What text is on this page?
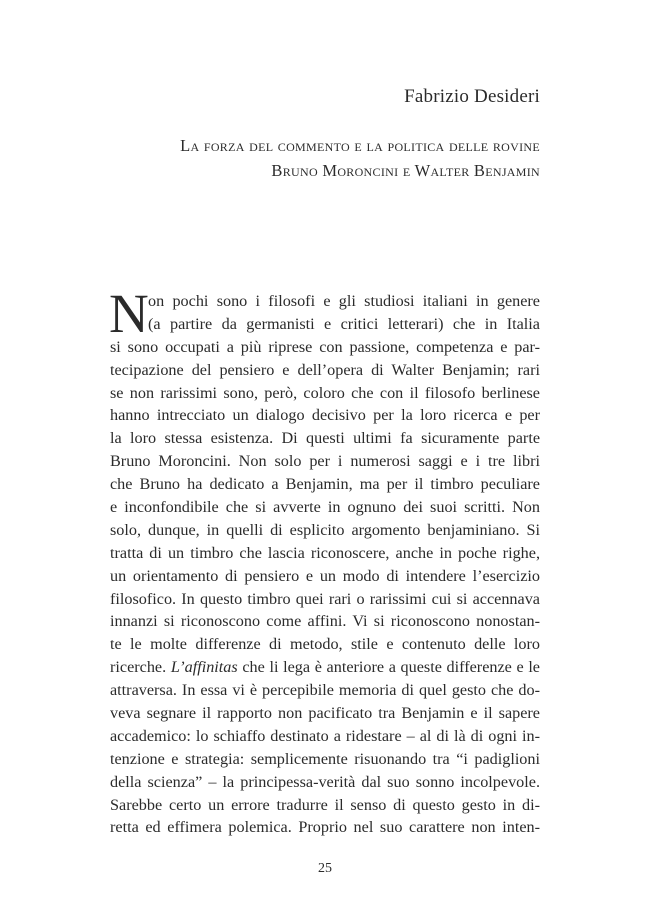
Fabrizio Desideri
La forza del commento e la politica delle rovine
Bruno Moroncini e Walter Benjamin
N on pochi sono i filosofi e gli studiosi italiani in genere
(a partire da germanisti e critici letterari) che in Italia
si sono occupati a più riprese con passione, competenza e par-
tecipazione del pensiero e dell’opera di Walter Benjamin; rari
se non rarissimi sono, però, coloro che con il filosofo berlinese
hanno intrecciato un dialogo decisivo per la loro ricerca e per
la loro stessa esistenza. Di questi ultimi fa sicuramente parte
Bruno Moroncini. Non solo per i numerosi saggi e i tre libri
che Bruno ha dedicato a Benjamin, ma per il timbro peculiare
e inconfondibile che si avverte in ognuno dei suoi scritti. Non
solo, dunque, in quelli di esplicito argomento benjaminiano. Si
tratta di un timbro che lascia riconoscere, anche in poche righe,
un orientamento di pensiero e un modo di intendere l’esercizio
filosofico. In questo timbro quei rari o rarissimi cui si accennava
innanzi si riconoscono come affini. Vi si riconoscono nonostan-
te le molte differenze di metodo, stile e contenuto delle loro
ricerche. L’affinitas che li lega è anteriore a queste differenze e le
attraversa. In essa vi è percepibile memoria di quel gesto che do-
veva segnare il rapporto non pacificato tra Benjamin e il sapere
accademico: lo schiaffo destinato a ridestare – al di là di ogni in-
tenzione e strategia: semplicemente risuonando tra “i padiglioni
della scienza” – la principessa-verità dal suo sonno incolpevole.
Sarebbe certo un errore tradurre il senso di questo gesto in di-
retta ed effimera polemica. Proprio nel suo carattere non inten-
25
